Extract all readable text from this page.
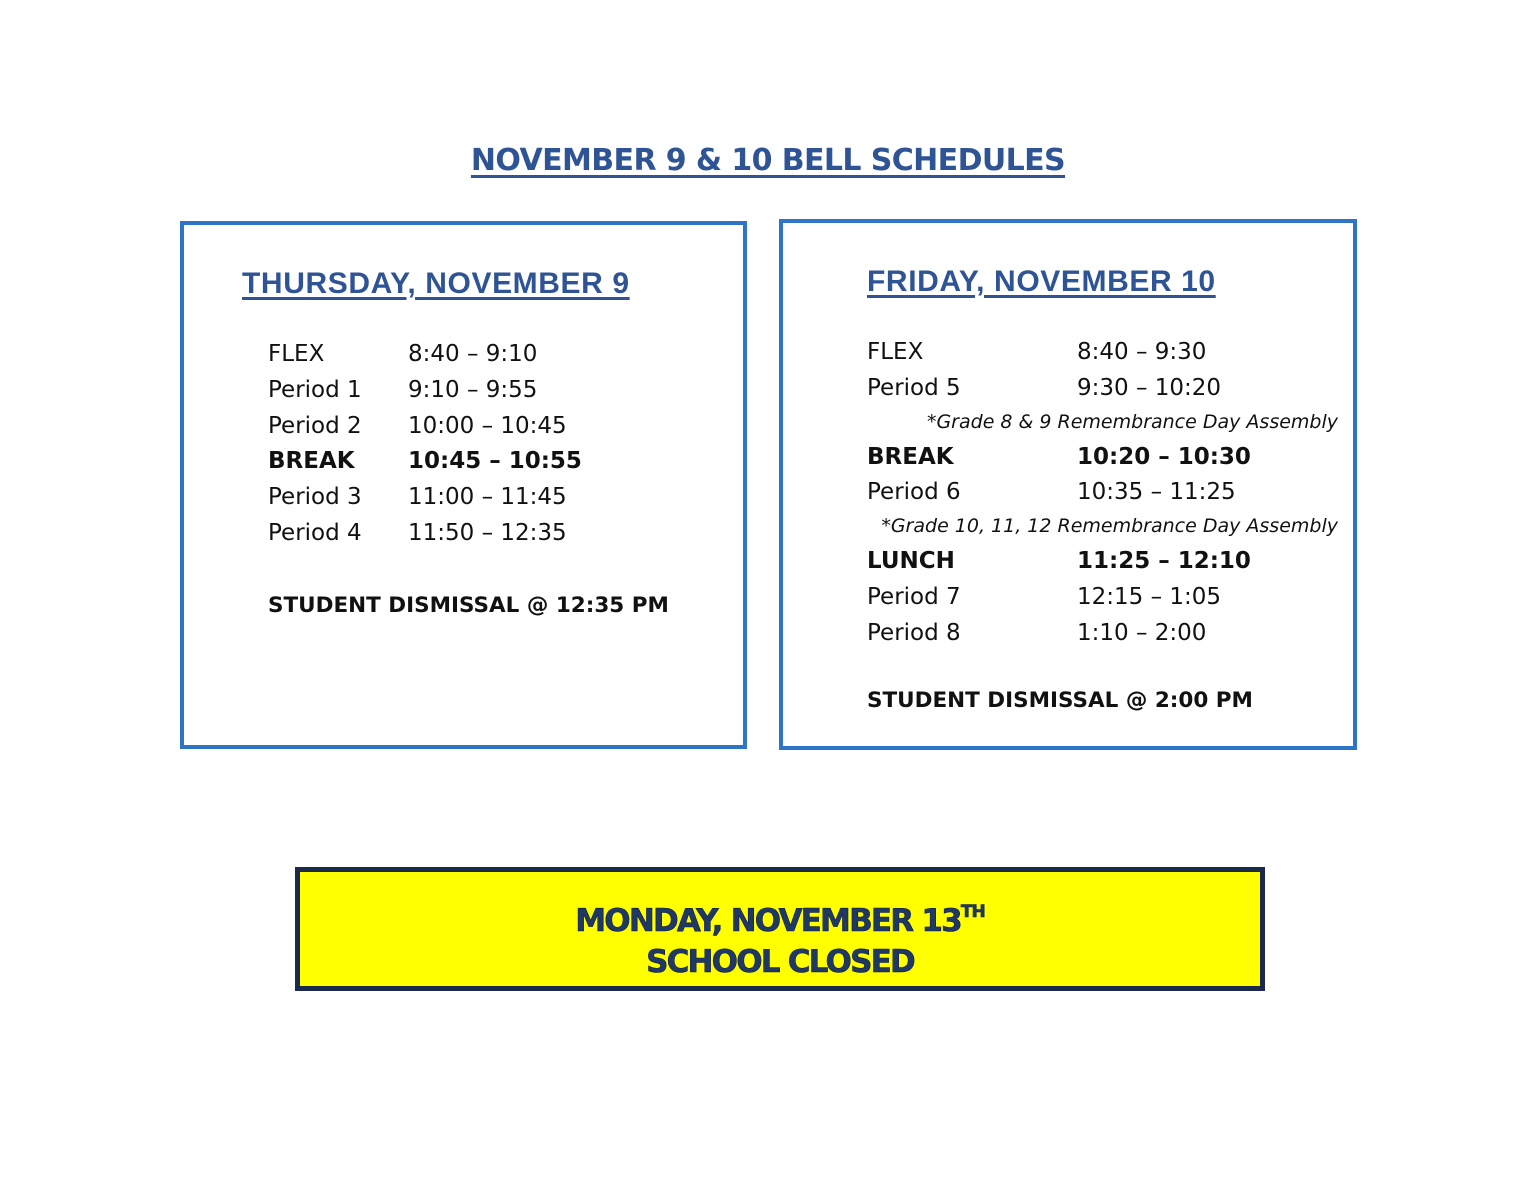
NOVEMBER 9 & 10 BELL SCHEDULES
THURSDAY, NOVEMBER 9
FLEX	8:40 – 9:10
Period 1 9:10 – 9:55
Period 2 10:00 – 10:45
BREAK 10:45 – 10:55
Period 3 11:00 – 11:45
Period 4 11:50 – 12:35
STUDENT DISMISSAL @ 12:35 PM
FRIDAY, NOVEMBER 10
FLEX	8:40 – 9:30
Period 5	9:30 – 10:20
*Grade 8 & 9 Remembrance Day Assembly
BREAK	10:20 – 10:30
Period 6	10:35 – 11:25
*Grade 10, 11, 12 Remembrance Day Assembly
LUNCH	11:25 – 12:10
Period 7	12:15 – 1:05
Period 8	1:10 – 2:00
STUDENT DISMISSAL @ 2:00 PM
MONDAY, NOVEMBER 13TH
SCHOOL CLOSED
